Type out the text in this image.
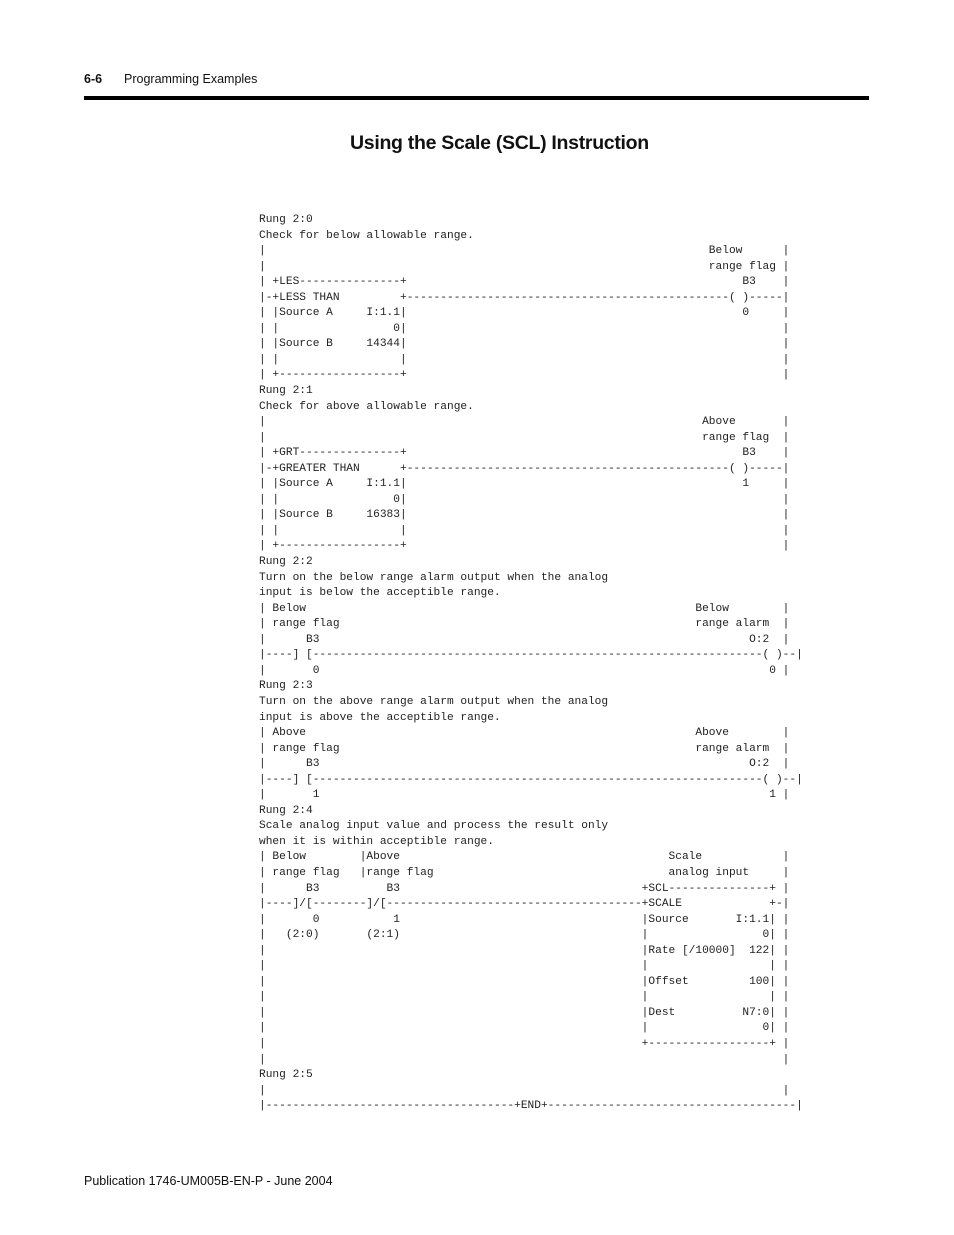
6-6 Programming Examples
Using the Scale (SCL) Instruction
Rung 2:0
Check for below allowable range.
|                                                                  Below      |
|                                                                  range flag |
| +LES---------------+                                                  B3    |
|-+LESS THAN         +------------------------------------------------( )-----|
| |Source A     I:1.1|                                                  0     |
| |                 0|                                                        |
| |Source B     14344|                                                        |
| |                  |                                                        |
| +------------------+                                                        |
Rung 2:1
Check for above allowable range.
|                                                                 Above       |
|                                                                 range flag  |
| +GRT---------------+                                                  B3    |
|-+GREATER THAN      +------------------------------------------------( )-----|
| |Source A     I:1.1|                                                  1     |
| |                 0|                                                        |
| |Source B     16383|                                                        |
| |                  |                                                        |
| +------------------+                                                        |
Rung 2:2
Turn on the below range alarm output when the analog
input is below the acceptible range.
| Below                                                          Below        |
| range flag                                                     range alarm  |
|      B3                                                                O:2  |
|----] [-------------------------------------------------------------------( )--|
|       0                                                                   0 |
Rung 2:3
Turn on the above range alarm output when the analog
input is above the acceptible range.
| Above                                                          Above        |
| range flag                                                     range alarm  |
|      B3                                                                O:2  |
|----] [-------------------------------------------------------------------( )--|
|       1                                                                   1 |
Rung 2:4
Scale analog input value and process the result only
when it is within acceptible range.
| Below        |Above                                        Scale            |
| range flag   |range flag                                   analog input     |
|      B3          B3                                    +SCL---------------+ |
|----]/[--------]/[--------------------------------------+SCALE             +-|
|       0           1                                    |Source       I:1.1| |
|   (2:0)       (2:1)                                    |                 0| |
|                                                        |Rate [/10000]  122| |
|                                                        |                  | |
|                                                        |Offset         100| |
|                                                        |                  | |
|                                                        |Dest          N7:0| |
|                                                        |                 0| |
|                                                        +------------------+ |
|                                                                             |
Rung 2:5
|                                                                             |
|-------------------------------------+END+-------------------------------------|
Publication 1746-UM005B-EN-P - June 2004
